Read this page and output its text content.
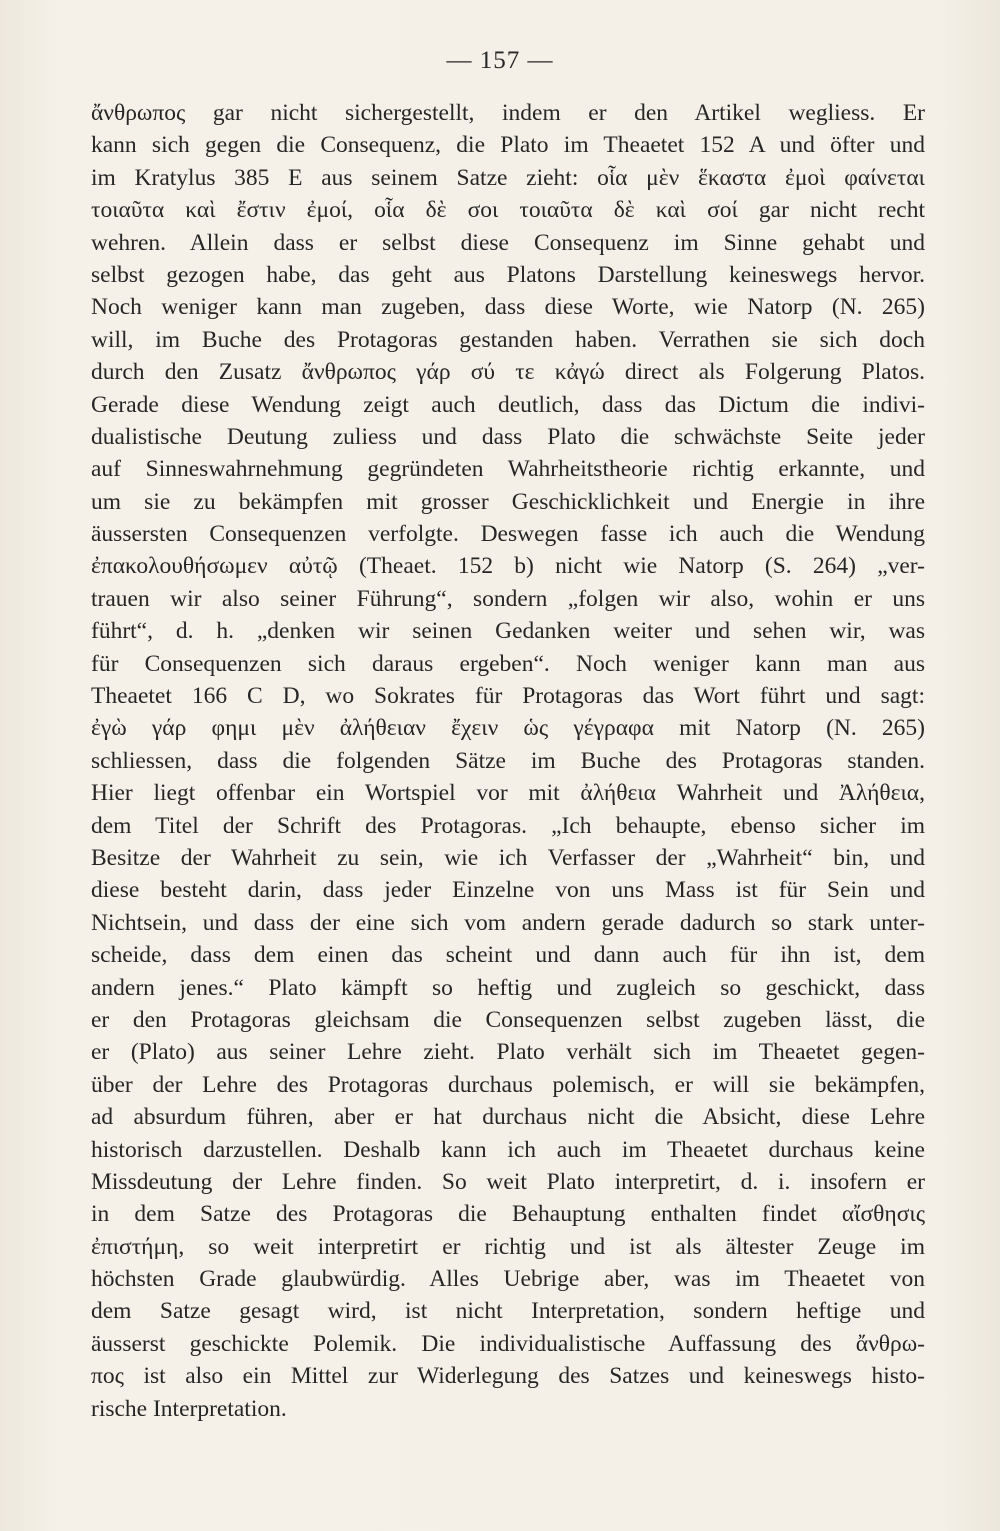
— 157 —
ἄνθρωπος gar nicht sichergestellt, indem er den Artikel wegliess. Er
kann sich gegen die Consequenz, die Plato im Theaetet 152 A und öfter und
im Kratylus 385 E aus seinem Satze zieht: οἷα μὲν ἕκαστα ἐμοὶ φαίνεται
τοιαῦτα καὶ ἔστιν ἐμοί, οἷα δὲ σοι τοιαῦτα δὲ καὶ σοί gar nicht recht
wehren. Allein dass er selbst diese Consequenz im Sinne gehabt und
selbst gezogen habe, das geht aus Platons Darstellung keineswegs hervor.
Noch weniger kann man zugeben, dass diese Worte, wie Natorp (N. 265)
will, im Buche des Protagoras gestanden haben. Verrathen sie sich doch
durch den Zusatz ἄνθρωπος γάρ σύ τε κἀγώ direct als Folgerung Platos.
Gerade diese Wendung zeigt auch deutlich, dass das Dictum die indivi-
dualistische Deutung zuliess und dass Plato die schwächste Seite jeder
auf Sinneswahrnehmung gegründeten Wahrheitstheorie richtig erkannte, und
um sie zu bekämpfen mit grosser Geschicklichkeit und Energie in ihre
äussersten Consequenzen verfolgte. Deswegen fasse ich auch die Wendung
ἐπακολουθήσωμεν αὐτῷ (Theaet. 152 b) nicht wie Natorp (S. 264) „ver-
trauen wir also seiner Führung“, sondern „folgen wir also, wohin er uns
führt“, d. h. „denken wir seinen Gedanken weiter und sehen wir, was
für Consequenzen sich daraus ergeben“. Noch weniger kann man aus
Theaetet 166 C D, wo Sokrates für Protagoras das Wort führt und sagt:
ἐγὼ γάρ φημι μὲν ἀλήθειαν ἔχειν ὡς γέγραφα mit Natorp (N. 265)
schliessen, dass die folgenden Sätze im Buche des Protagoras standen.
Hier liegt offenbar ein Wortspiel vor mit ἀλήθεια Wahrheit und Ἀλήθεια,
dem Titel der Schrift des Protagoras. „Ich behaupte, ebenso sicher im
Besitze der Wahrheit zu sein, wie ich Verfasser der „Wahrheit“ bin, und
diese besteht darin, dass jeder Einzelne von uns Mass ist für Sein und
Nichtsein, und dass der eine sich vom andern gerade dadurch so stark unter-
scheide, dass dem einen das scheint und dann auch für ihn ist, dem
andern jenes.“ Plato kämpft so heftig und zugleich so geschickt, dass
er den Protagoras gleichsam die Consequenzen selbst zugeben lässt, die
er (Plato) aus seiner Lehre zieht. Plato verhält sich im Theaetet gegen-
über der Lehre des Protagoras durchaus polemisch, er will sie bekämpfen,
ad absurdum führen, aber er hat durchaus nicht die Absicht, diese Lehre
historisch darzustellen. Deshalb kann ich auch im Theaetet durchaus keine
Missdeutung der Lehre finden. So weit Plato interpretirt, d. i. insofern er
in dem Satze des Protagoras die Behauptung enthalten findet αἴσθησις
ἐπιστήμη, so weit interpretirt er richtig und ist als ältester Zeuge im
höchsten Grade glaubwürdig. Alles Uebrige aber, was im Theaetet von
dem Satze gesagt wird, ist nicht Interpretation, sondern heftige und
äusserst geschickte Polemik. Die individualistische Auffassung des ἄνθρω-
πος ist also ein Mittel zur Widerlegung des Satzes und keineswegs histo-
rische Interpretation.
